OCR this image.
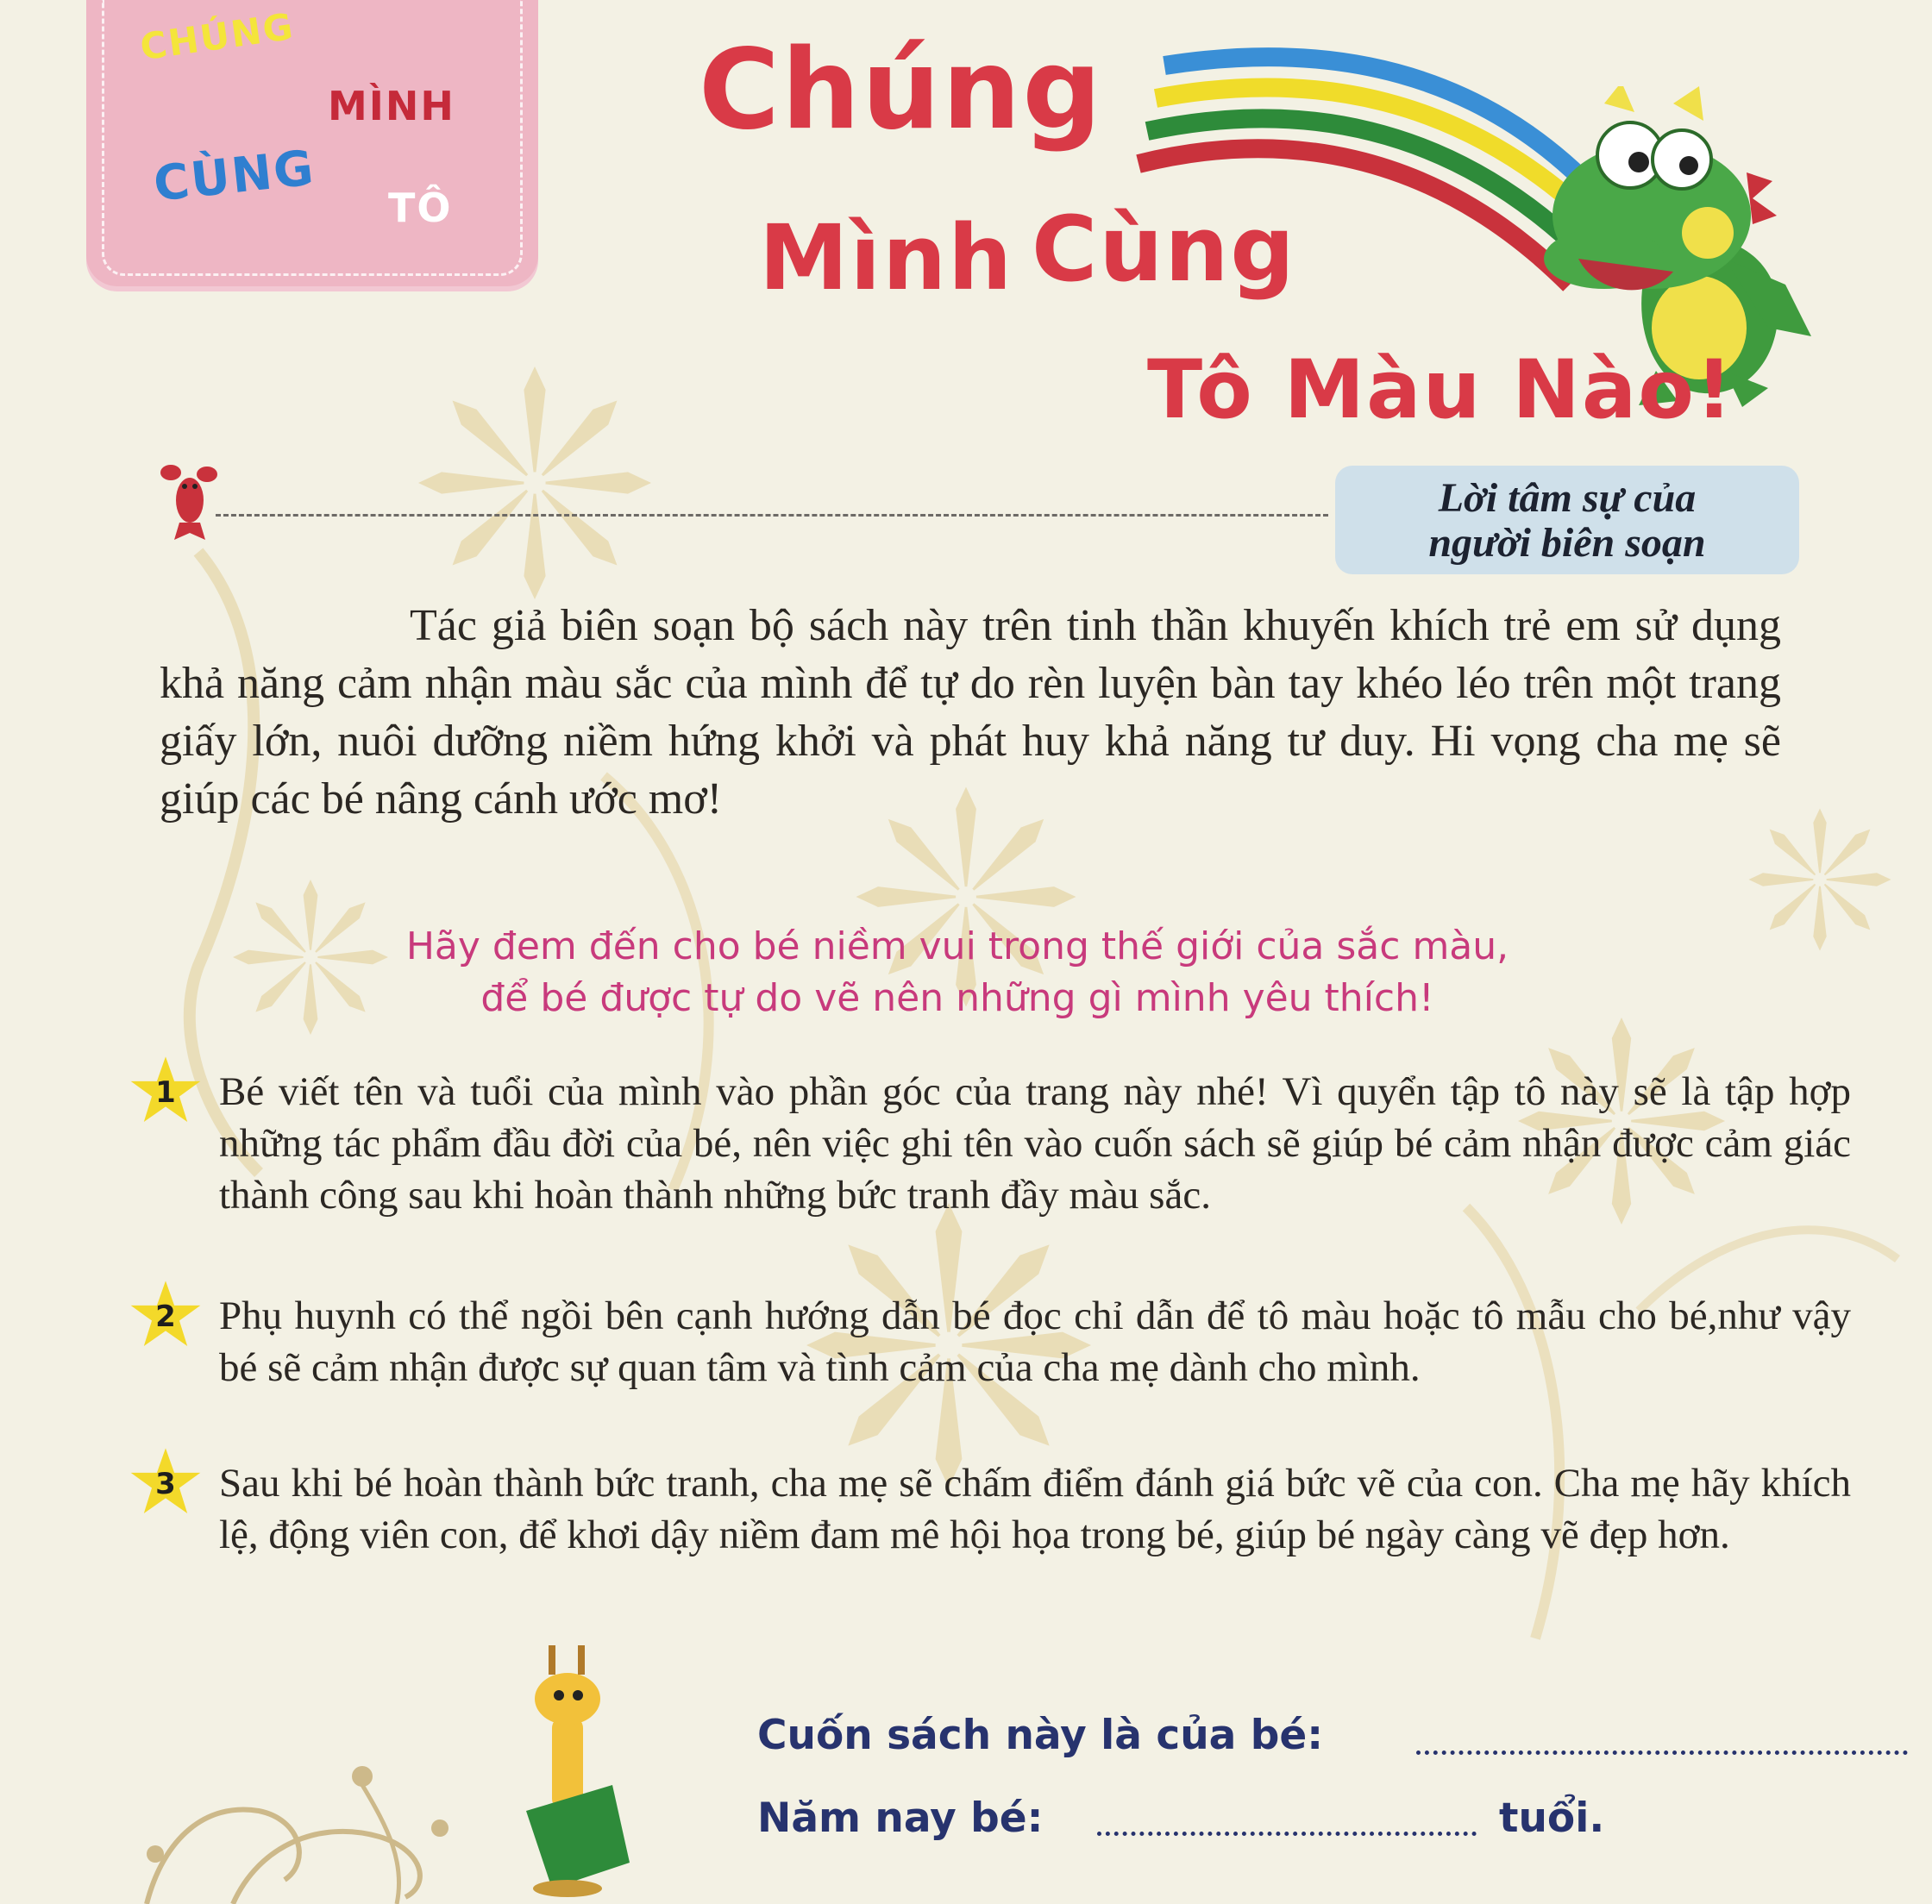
CHÚNG
MÌNH
CÙNG TÔ
Chúng
Mình Cùng
Tô Màu Nào!
Lời tâm sự của
người biên soạn
Tác giả biên soạn bộ sách này trên tinh thần khuyến khích trẻ em sử dụng khả năng cảm nhận màu sắc của mình để tự do rèn luyện bàn tay khéo léo trên một trang giấy lớn, nuôi dưỡng niềm hứng khởi và phát huy khả năng tư duy. Hi vọng cha mẹ sẽ giúp các bé nâng cánh ước mơ!
Hãy đem đến cho bé niềm vui trong thế giới của sắc màu,
để bé được tự do vẽ nên những gì mình yêu thích!
1	Bé viết tên và tuổi của mình vào phần góc của trang này nhé! Vì quyển tập tô này sẽ là tập hợp những tác phẩm đầu đời của bé, nên việc ghi tên vào cuốn sách sẽ giúp bé cảm nhận được cảm giác thành công sau khi hoàn thành những bức tranh đầy màu sắc.
2	Phụ huynh có thể ngồi bên cạnh hướng dẫn bé đọc chỉ dẫn để tô màu hoặc tô mẫu cho bé,như vậy bé sẽ cảm nhận được sự quan tâm và tình cảm của cha mẹ dành cho mình.
3	Sau khi bé hoàn thành bức tranh, cha mẹ sẽ chấm điểm đánh giá bức vẽ của con. Cha mẹ hãy khích lệ, động viên con, để khơi dậy niềm đam mê hội họa trong bé, giúp bé ngày càng vẽ đẹp hơn.
Cuốn sách này là của bé:
Năm nay bé:	tuổi.
